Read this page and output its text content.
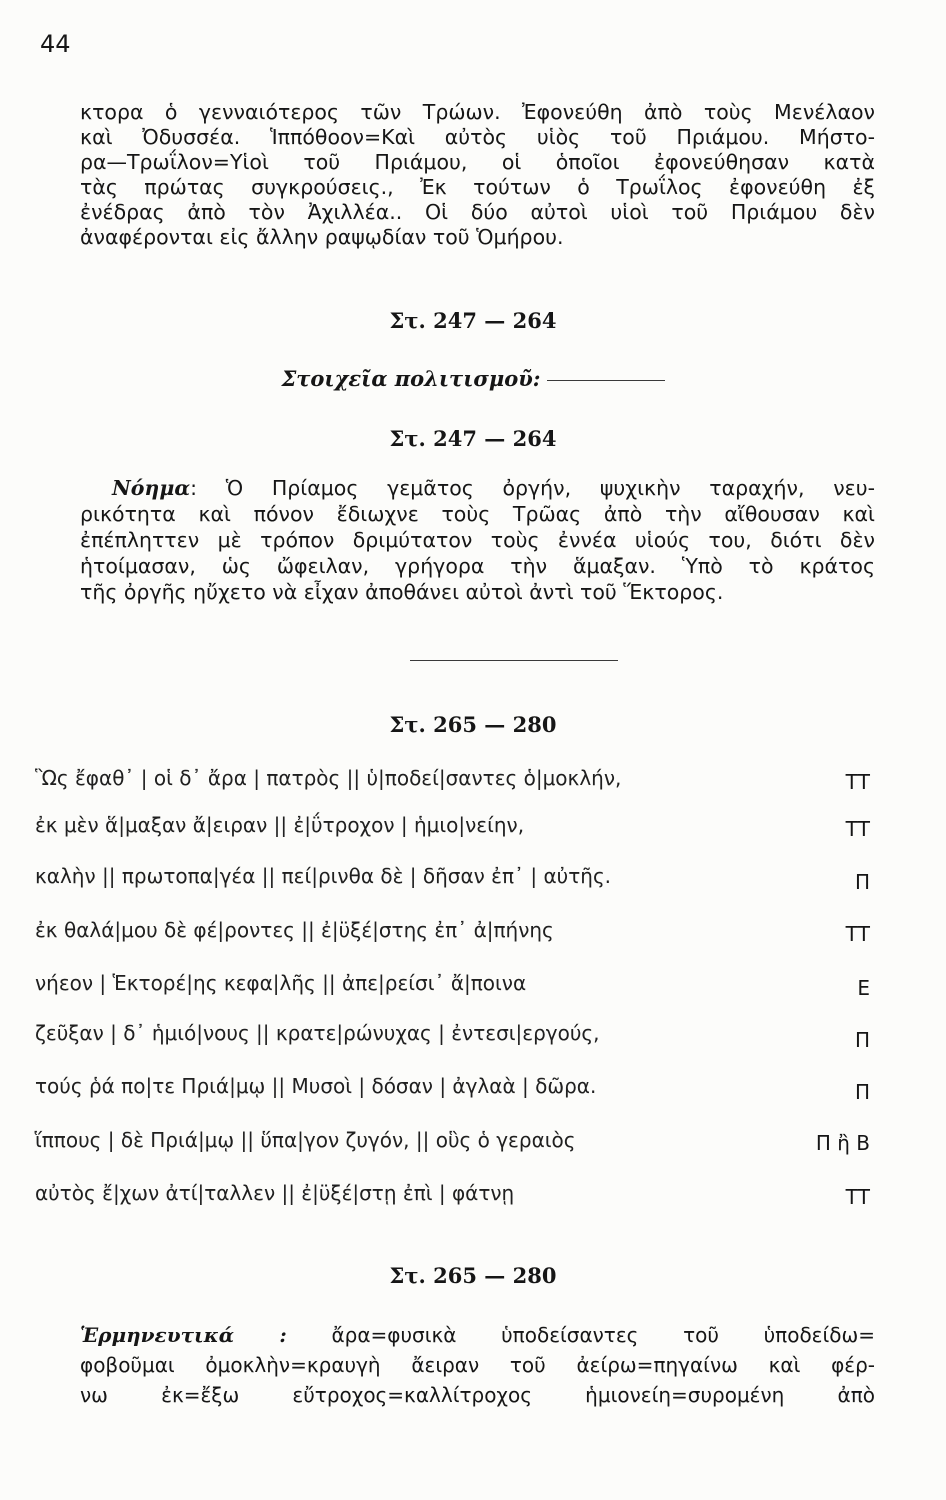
44
κτορα ὁ γενναιότερος τῶν Τρώων. Ἐφονεύθη ἀπὸ τοὺς Μενέλαον
καὶ Ὀδυσσέα. Ἱππόθοον=Καὶ αὐτὸς υἱὸς τοῦ Πριάμου. Μήστο-
ρα—Τρωΐλον=Υἱοὶ τοῦ Πριάμου, οἱ ὁποῖοι ἐφονεύθησαν κατὰ
τὰς πρώτας συγκρούσεις., Ἐκ τούτων ὁ Τρωΐλος ἐφονεύθη ἐξ
ἐνέδρας ἀπὸ τὸν Ἀχιλλέα.. Οἱ δύο αὐτοὶ υἱοὶ τοῦ Πριάμου δὲν
ἀναφέρονται εἰς ἄλλην ραψῳδίαν τοῦ Ὁμήρου.
Στ. 247 — 264
Στοιχεῖα πολιτισμοῦ:
Στ. 247 — 264
Νόημα: Ὁ Πρίαμος γεμᾶτος ὀργήν, ψυχικὴν ταραχήν, νευ-
ρικότητα καὶ πόνον ἔδιωχνε τοὺς Τρῶας ἀπὸ τὴν αἴθουσαν καὶ
ἐπέπληττεν μὲ τρόπον δριμύτατον τοὺς ἐννέα υἱούς του, διότι δὲν
ἡτοίμασαν, ὡς ὤφειλαν, γρήγορα τὴν ἅμαξαν. Ὑπὸ τὸ κράτος
τῆς ὀργῆς ηὔχετο νὰ εἶχαν ἀποθάνει αὐτοὶ ἀντὶ τοῦ Ἕκτορος.
Στ. 265 — 280
Ὣς ἔφαθ᾽ | οἱ δ᾽ ἄρα | πατρὸς || ὑ|ποδεί|σαντες ὁ|μοκλήν,	ΤΤ
ἐκ μὲν ἅ|μαξαν ἄ|ειραν || ἐ|ΰτροχον | ἡμιο|νείην,	ΤΤ
καλὴν || πρωτοπα|γέα || πεί|ρινθα δὲ | δῆσαν ἐπ᾽ | αὐτῆς.	Π
ἐκ θαλά|μου δὲ φέ|ροντες || ἐ|ϋξέ|στης ἐπ᾽ ἀ|πήνης	ΤΤ
νήεον | Ἑκτορέ|ης κεφα|λῆς || ἀπε|ρείσι᾽ ἄ|ποινα	Ε
ζεῦξαν | δ᾽ ἡμιό|νους || κρατε|ρώνυχας | ἐντεσι|εργούς,	Π
τούς ῥά πο|τε Πριά|μῳ || Μυσοὶ | δόσαν | ἀγλαὰ | δῶρα.	Π
ἵππους | δὲ Πριά|μῳ || ὕπα|γον ζυγόν, || οὓς ὁ γεραιὸς	Π ἢ Β
αὐτὸς ἔ|χων ἀτί|ταλλεν || ἐ|ϋξέ|στῃ ἐπὶ | φάτνῃ	ΤΤ
Στ. 265 — 280
Ἑρμηνευτικά : ἄρα=φυσικὰ ὑποδείσαντες τοῦ ὑποδείδω=
φοβοῦμαι ὀμοκλὴν=κραυγὴ ἄειραν τοῦ ἀείρω=πηγαίνω καὶ φέρ-
νω ἐκ=ἔξω εὔτροχος=καλλίτροχος ἡμιονείη=συρομένη ἀπὸ
